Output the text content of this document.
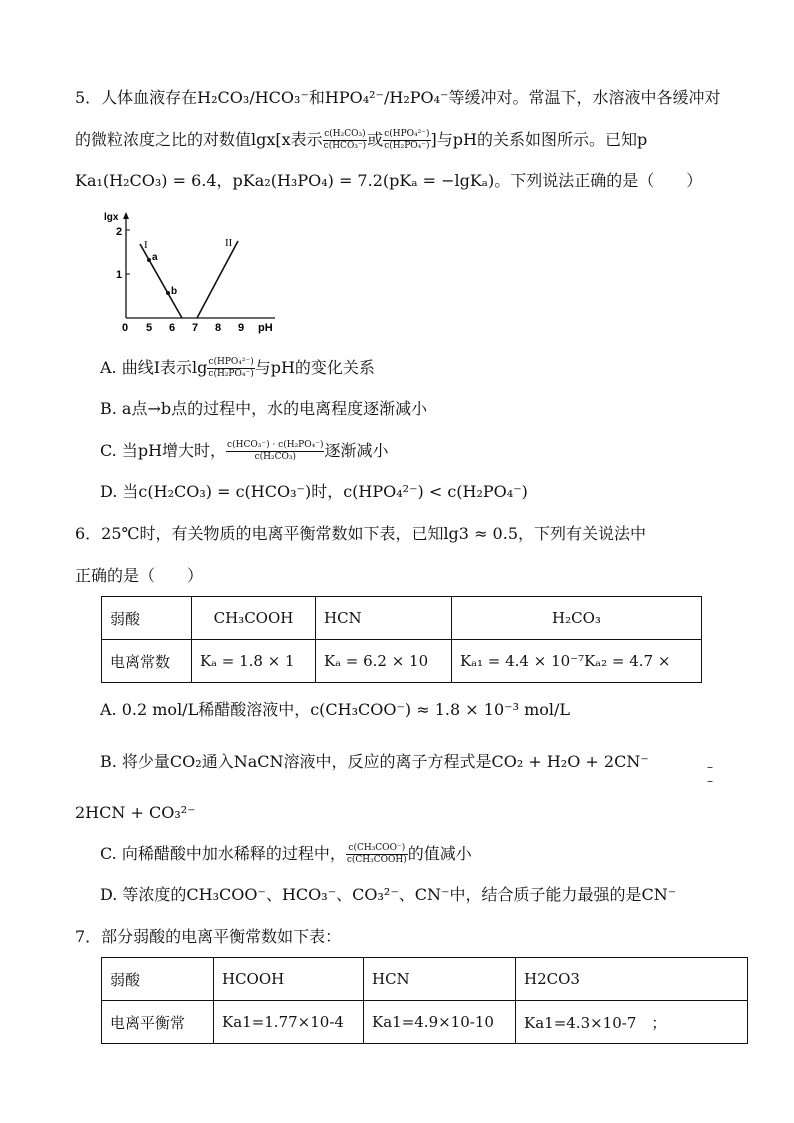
5．人体血液存在H₂CO₃/HCO₃⁻和HPO₄²⁻/H₂PO₄⁻等缓冲对。常温下，水溶液中各缓冲对
的微粒浓度之比的对数值lgx[x表示 $\frac{\text{c(H₂CO₃)}}{\text{c(HCO₃⁻)}}$ 或 $\frac{\text{c(HPO₄²⁻)}}{\text{c(H₂PO₄⁻)}}$ ]与pH的关系如图所示。已知p
Ka₁(H₂CO₃) = 6.4，pKa₂(H₃PO₄) = 7.2(pKₐ = −lgKₐ)。下列说法正确的是（　　）
lgx
2
1
0 5 6 7 8 9 pH
I
a
b
II
A. 曲线Ⅰ表示$\lg \frac{\text{c(HPO₄²⁻)}}{\text{c(H₂PO₄⁻)}}$ 与pH的变化关系
B. a点→b点的过程中，水的电离程度逐渐减小
C. 当pH增大时， $\frac{\text{c(HCO₃⁻) · c(H₂PO₄⁻)}}{\text{c(H₂CO₃)}}$ 逐渐减小
D. 当c(H₂CO₃) = c(HCO₃⁻)时，c(HPO₄²⁻) < c(H₂PO₄⁻)
6．25℃时，有关物质的电离平衡常数如下表，已知lg3 ≈ 0.5，下列有关说法中
正确的是（　　）
弱酸	CH₃COOH	HCN	H₂CO₃
电离常数	Kₐ = 1.8 × 1	Kₐ = 6.2 × 10	Kₐ₁ = 4.4 × 10⁻⁷Kₐ₂ = 4.7 ×
A. 0.2 mol/L稀醋酸溶液中，c(CH₃COO⁻) ≈ 1.8 × 10⁻³ mol/L
B. 将少量CO₂通入NaCN溶液中，反应的离子方程式是CO₂ + H₂O + 2CN⁻	–
–
2HCN + CO₃²⁻
C. 向稀醋酸中加水稀释的过程中， $\frac{\text{c(CH₃COO⁻)}}{\text{c(CH₃COOH)}}$ 的值减小
D. 等浓度的CH₃COO⁻、HCO₃⁻、CO₃²⁻、CN⁻中，结合质子能力最强的是CN⁻
7．部分弱酸的电离平衡常数如下表：
弱酸	HCOOH	HCN	H2CO3
电离平衡常	Ka1=1.77×10-4	Ka1=4.9×10-10	Ka1=4.3×10-7　；
